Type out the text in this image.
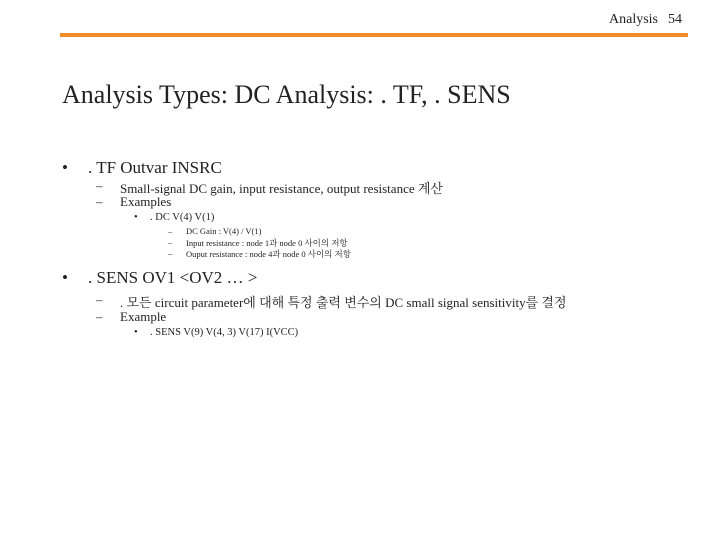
Analysis 54
Analysis Types: DC Analysis: . TF, . SENS
• . TF Outvar INSRC
– Small-signal DC gain, input resistance, output resistance 계산
– Examples
• . DC V(4) V(1)
– DC Gain : V(4) / V(1)
– Input resistance : node 1과 node 0 사이의 저항
– Ouput resistance : node 4과 node 0 사이의 저항
• . SENS OV1 <OV2 … >
– . 모든 circuit parameter에 대해 특정 출력 변수의 DC small signal sensitivity를 결정
– Example
• . SENS V(9) V(4, 3) V(17) I(VCC)
